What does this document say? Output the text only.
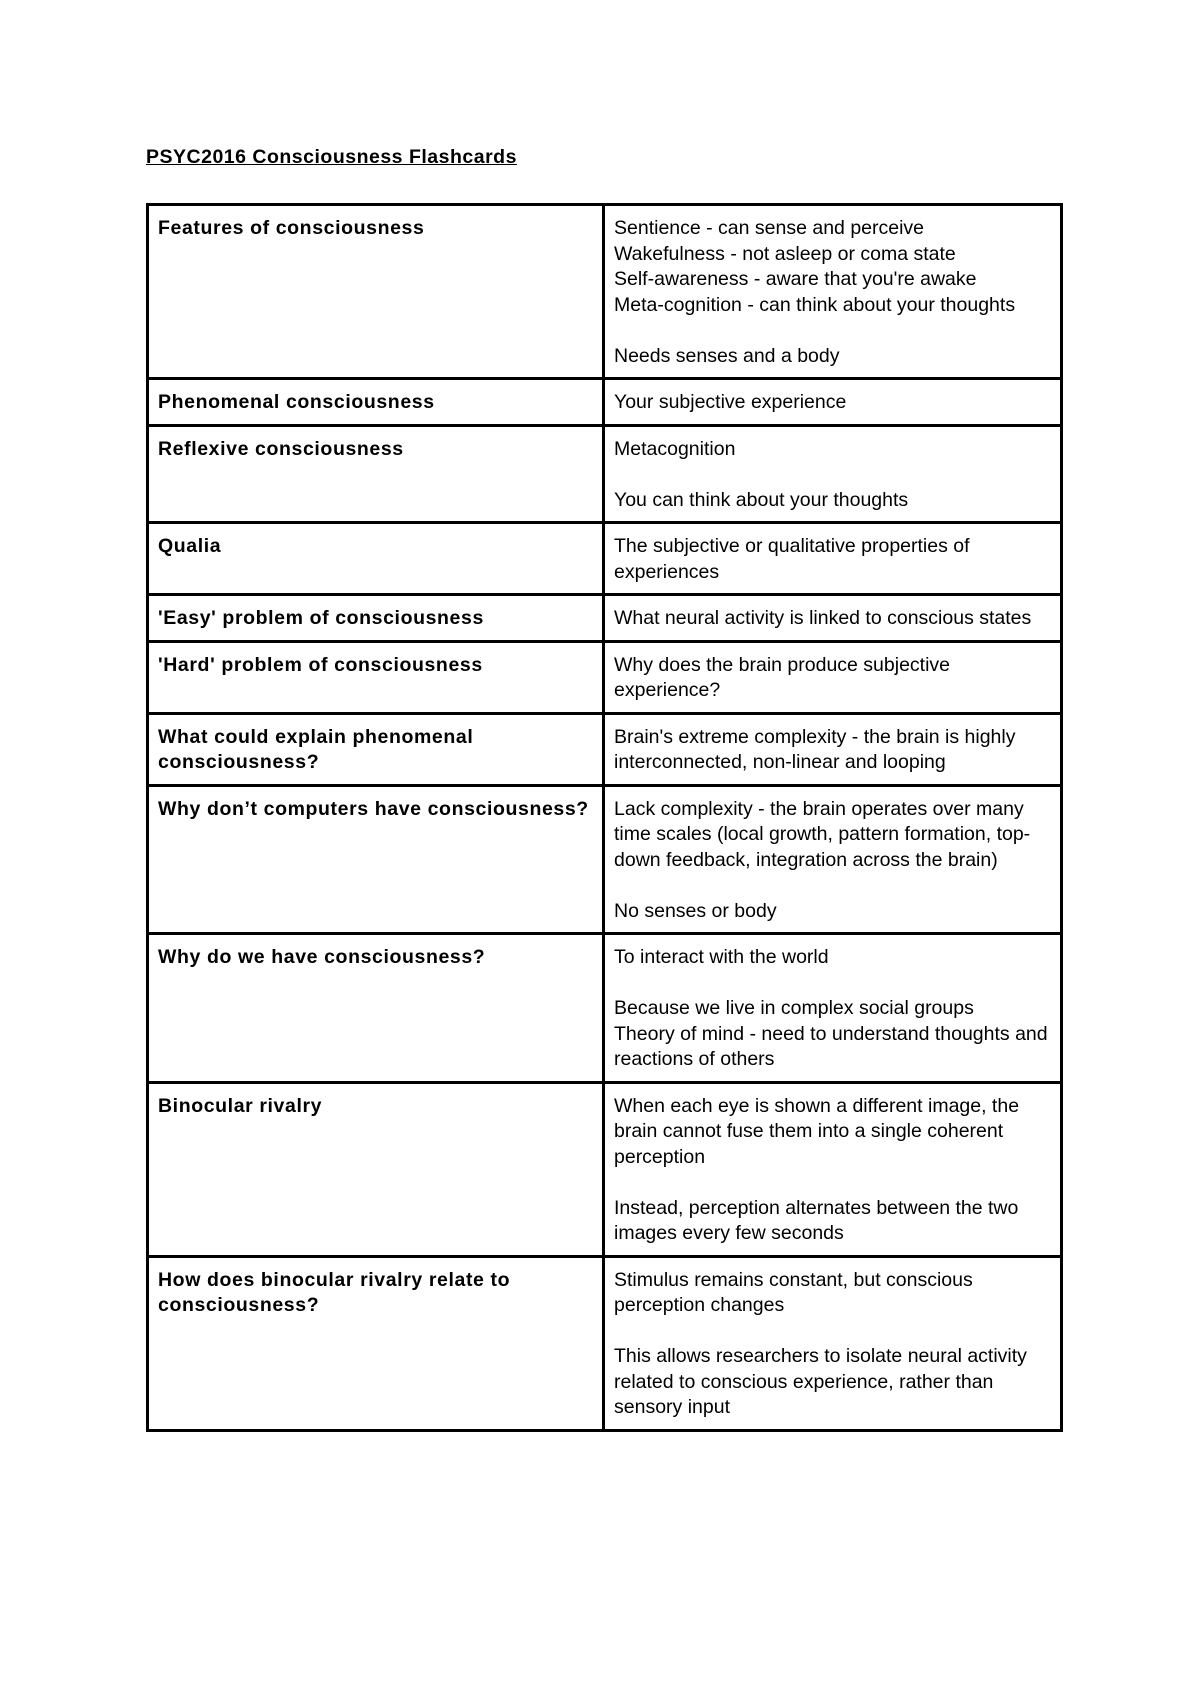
PSYC2016 Consciousness Flashcards
Features of consciousness	Sentience - can sense and perceive
Wakefulness - not asleep or coma state
Self-awareness - aware that you're awake
Meta-cognition - can think about your thoughts

Needs senses and a body

Phenomenal consciousness	Your subjective experience

Reflexive consciousness	Metacognition

You can think about your thoughts

Qualia	The subjective or qualitative properties of experiences

'Easy' problem of consciousness	What neural activity is linked to conscious states

'Hard' problem of consciousness	Why does the brain produce subjective experience?

What could explain phenomenal consciousness?	Brain's extreme complexity - the brain is highly interconnected, non-linear and looping

Why don’t computers have consciousness?	Lack complexity - the brain operates over many time scales (local growth, pattern formation, top-down feedback, integration across the brain)

No senses or body

Why do we have consciousness?	To interact with the world

Because we live in complex social groups
Theory of mind - need to understand thoughts and reactions of others

Binocular rivalry	When each eye is shown a different image, the brain cannot fuse them into a single coherent perception

Instead, perception alternates between the two images every few seconds

How does binocular rivalry relate to consciousness?	Stimulus remains constant, but conscious perception changes

This allows researchers to isolate neural activity related to conscious experience, rather than sensory input
